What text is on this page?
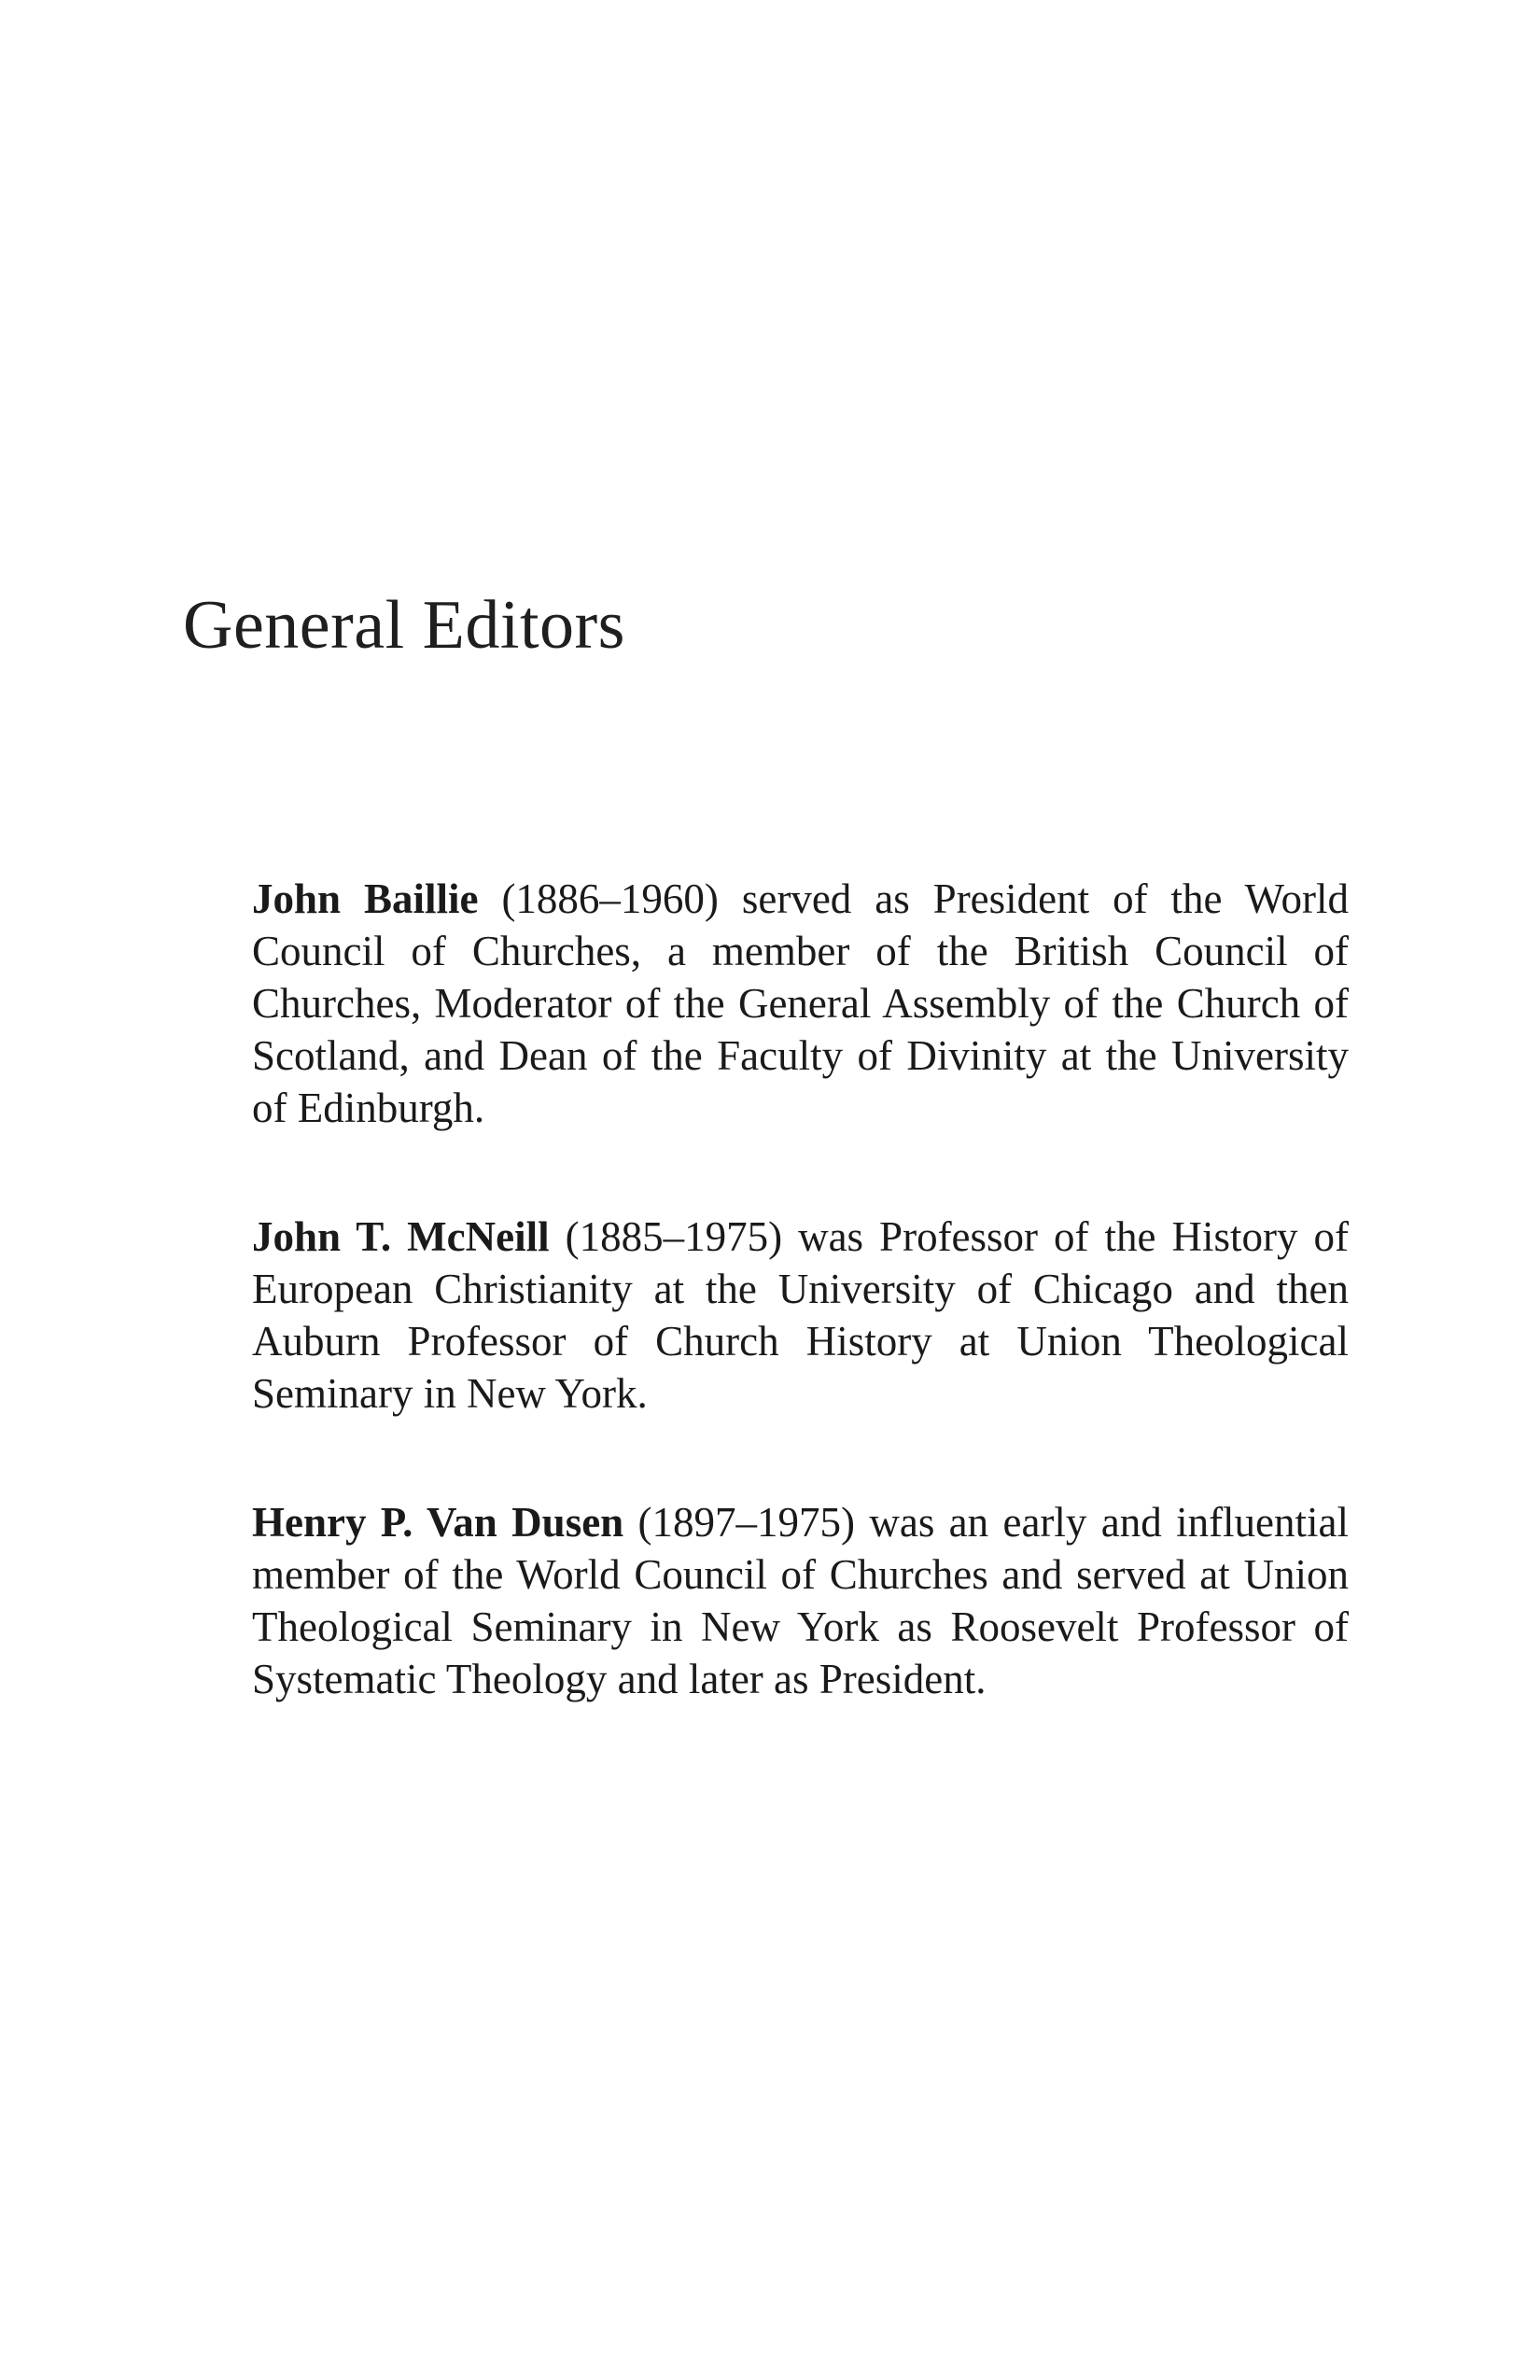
General Editors

John Baillie (1886–1960) served as President of the World Council of Churches, a member of the British Council of Churches, Moderator of the General Assembly of the Church of Scotland, and Dean of the Faculty of Divinity at the University of Edinburgh.

John T. McNeill (1885–1975) was Professor of the History of European Christianity at the University of Chicago and then Auburn Professor of Church History at Union Theological Seminary in New York.

Henry P. Van Dusen (1897–1975) was an early and influential member of the World Council of Churches and served at Union Theological Seminary in New York as Roosevelt Professor of Systematic Theology and later as President.
